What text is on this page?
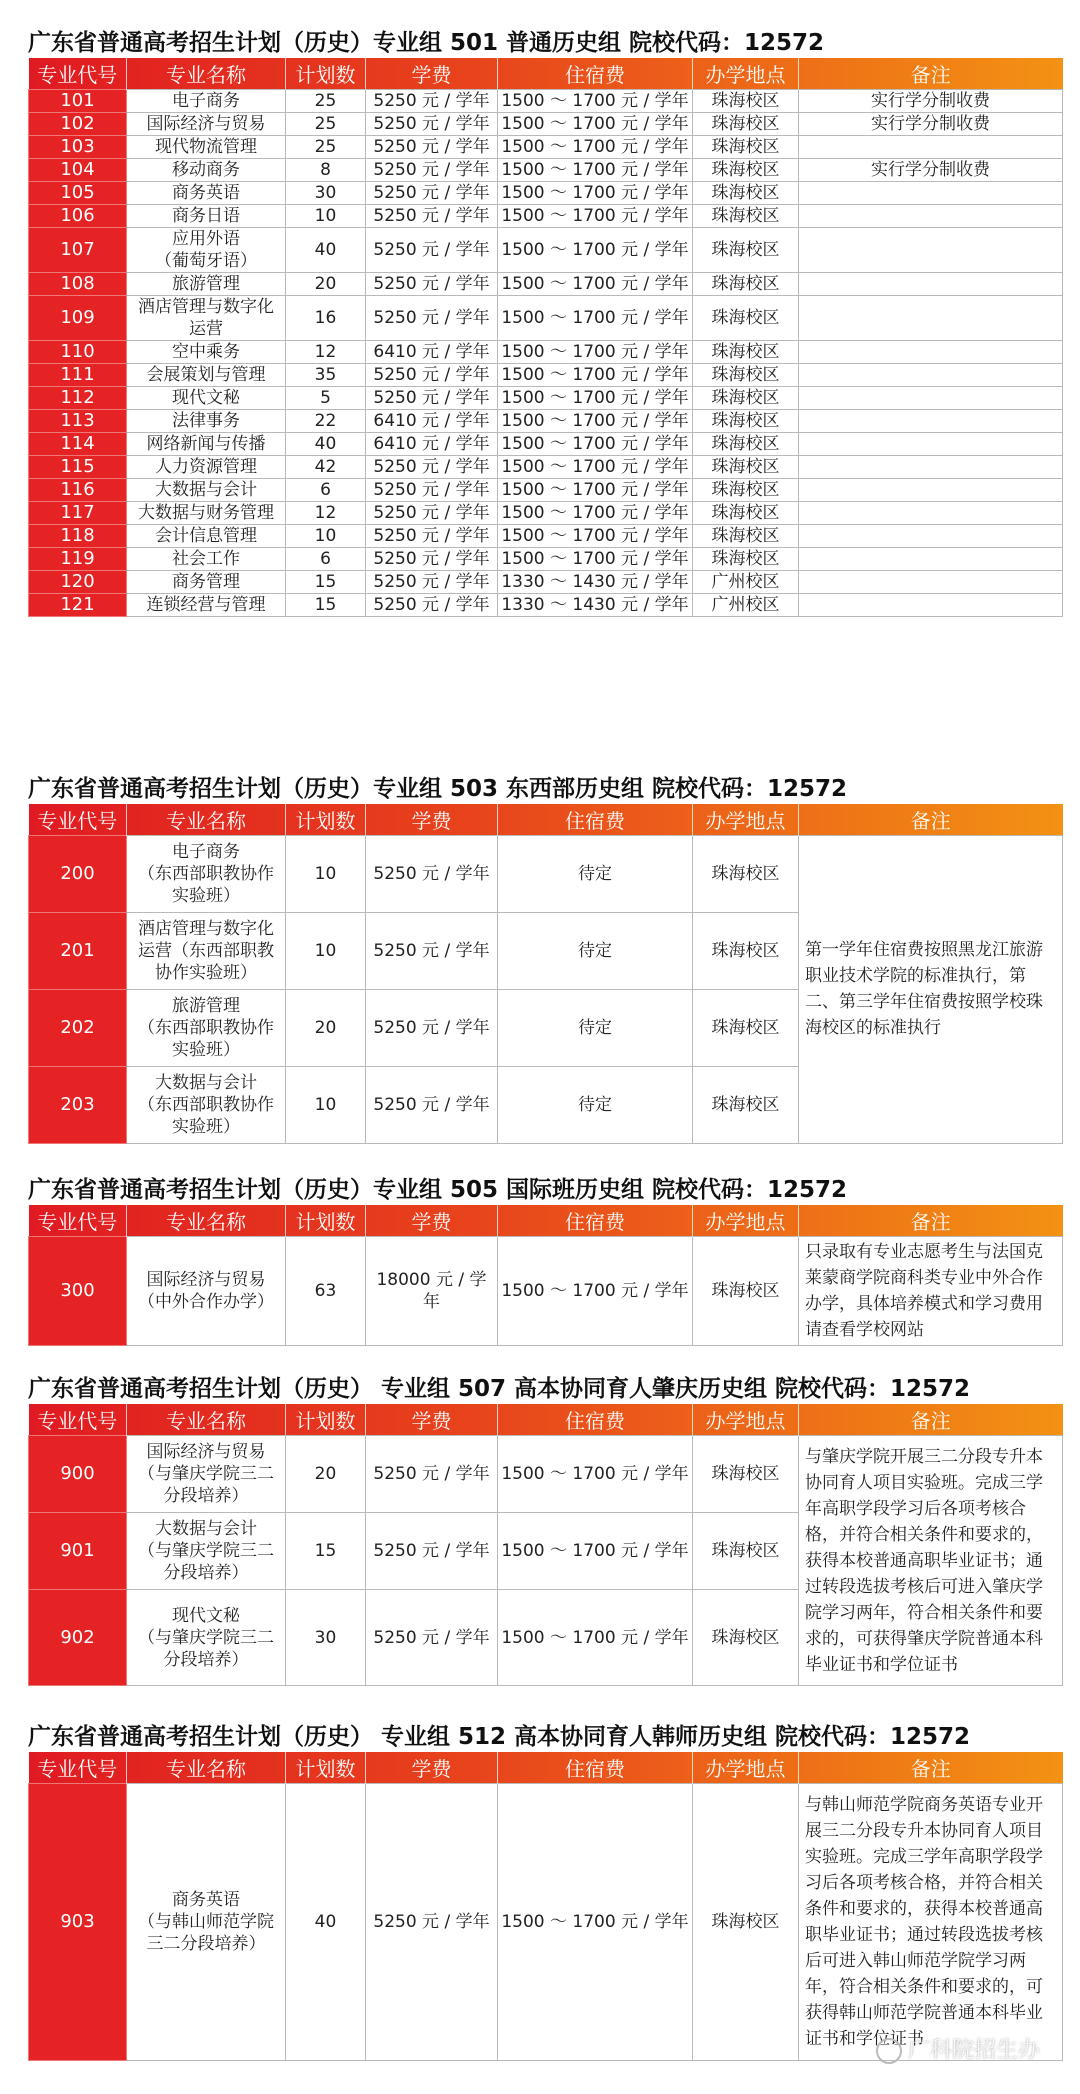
广东省普通高考招生计划（历史）专业组 501 普通历史组 院校代码：12572
专业代号	专业名称	计划数	学费	住宿费	办学地点	备注
101	电子商务	25	5250 元 / 学年	1500 ～ 1700 元 / 学年	珠海校区	实行学分制收费
102	国际经济与贸易	25	5250 元 / 学年	1500 ～ 1700 元 / 学年	珠海校区	实行学分制收费
103	现代物流管理	25	5250 元 / 学年	1500 ～ 1700 元 / 学年	珠海校区	
104	移动商务	8	5250 元 / 学年	1500 ～ 1700 元 / 学年	珠海校区	实行学分制收费
105	商务英语	30	5250 元 / 学年	1500 ～ 1700 元 / 学年	珠海校区	
106	商务日语	10	5250 元 / 学年	1500 ～ 1700 元 / 学年	珠海校区	
107	应用外语
（葡萄牙语）	40	5250 元 / 学年	1500 ～ 1700 元 / 学年	珠海校区	
108	旅游管理	20	5250 元 / 学年	1500 ～ 1700 元 / 学年	珠海校区	
109	酒店管理与数字化
运营	16	5250 元 / 学年	1500 ～ 1700 元 / 学年	珠海校区	
110	空中乘务	12	6410 元 / 学年	1500 ～ 1700 元 / 学年	珠海校区	
111	会展策划与管理	35	5250 元 / 学年	1500 ～ 1700 元 / 学年	珠海校区	
112	现代文秘	5	5250 元 / 学年	1500 ～ 1700 元 / 学年	珠海校区	
113	法律事务	22	6410 元 / 学年	1500 ～ 1700 元 / 学年	珠海校区	
114	网络新闻与传播	40	6410 元 / 学年	1500 ～ 1700 元 / 学年	珠海校区	
115	人力资源管理	42	5250 元 / 学年	1500 ～ 1700 元 / 学年	珠海校区	
116	大数据与会计	6	5250 元 / 学年	1500 ～ 1700 元 / 学年	珠海校区	
117	大数据与财务管理	12	5250 元 / 学年	1500 ～ 1700 元 / 学年	珠海校区	
118	会计信息管理	10	5250 元 / 学年	1500 ～ 1700 元 / 学年	珠海校区	
119	社会工作	6	5250 元 / 学年	1500 ～ 1700 元 / 学年	珠海校区	
120	商务管理	15	5250 元 / 学年	1330 ～ 1430 元 / 学年	广州校区	
121	连锁经营与管理	15	5250 元 / 学年	1330 ～ 1430 元 / 学年	广州校区	
广东省普通高考招生计划（历史）专业组 503 东西部历史组 院校代码：12572
专业代号	专业名称	计划数	学费	住宿费	办学地点	备注
200	电子商务
（东西部职教协作
实验班）	10	5250 元 / 学年	待定	珠海校区	第一学年住宿费按照黑龙江旅游职业技术学院的标准执行，第二、第三学年住宿费按照学校珠海校区的标准执行
201	酒店管理与数字化
运营（东西部职教
协作实验班）	10	5250 元 / 学年	待定	珠海校区	
202	旅游管理
（东西部职教协作
实验班）	20	5250 元 / 学年	待定	珠海校区	
203	大数据与会计
（东西部职教协作
实验班）	10	5250 元 / 学年	待定	珠海校区	
广东省普通高考招生计划（历史）专业组 505 国际班历史组 院校代码：12572
专业代号	专业名称	计划数	学费	住宿费	办学地点	备注
300	国际经济与贸易
（中外合作办学）	63	18000 元 / 学
年	1500 ～ 1700 元 / 学年	珠海校区	只录取有专业志愿考生与法国克莱蒙商学院商科类专业中外合作办学，具体培养模式和学习费用请查看学校网站
广东省普通高考招生计划（历史） 专业组 507 高本协同育人肇庆历史组 院校代码：12572
专业代号	专业名称	计划数	学费	住宿费	办学地点	备注
900	国际经济与贸易
（与肇庆学院三二
分段培养）	20	5250 元 / 学年	1500 ～ 1700 元 / 学年	珠海校区	与肇庆学院开展三二分段专升本协同育人项目实验班。完成三学年高职学段学习后各项考核合格，并符合相关条件和要求的，获得本校普通高职毕业证书；通过转段选拔考核后可进入肇庆学院学习两年，符合相关条件和要求的，可获得肇庆学院普通本科毕业证书和学位证书
901	大数据与会计
（与肇庆学院三二
分段培养）	15	5250 元 / 学年	1500 ～ 1700 元 / 学年	珠海校区	
902	现代文秘
（与肇庆学院三二
分段培养）	30	5250 元 / 学年	1500 ～ 1700 元 / 学年	珠海校区	
广东省普通高考招生计划（历史） 专业组 512 高本协同育人韩师历史组 院校代码：12572
专业代号	专业名称	计划数	学费	住宿费	办学地点	备注
903	商务英语
（与韩山师范学院
三二分段培养）	40	5250 元 / 学年	1500 ～ 1700 元 / 学年	珠海校区	与韩山师范学院商务英语专业开展三二分段专升本协同育人项目实验班。完成三学年高职学段学习后各项考核合格，并符合相关条件和要求的，获得本校普通高职毕业证书；通过转段选拔考核后可进入韩山师范学院学习两年，符合相关条件和要求的，可获得韩山师范学院普通本科毕业证书和学位证书
广科院招生办
